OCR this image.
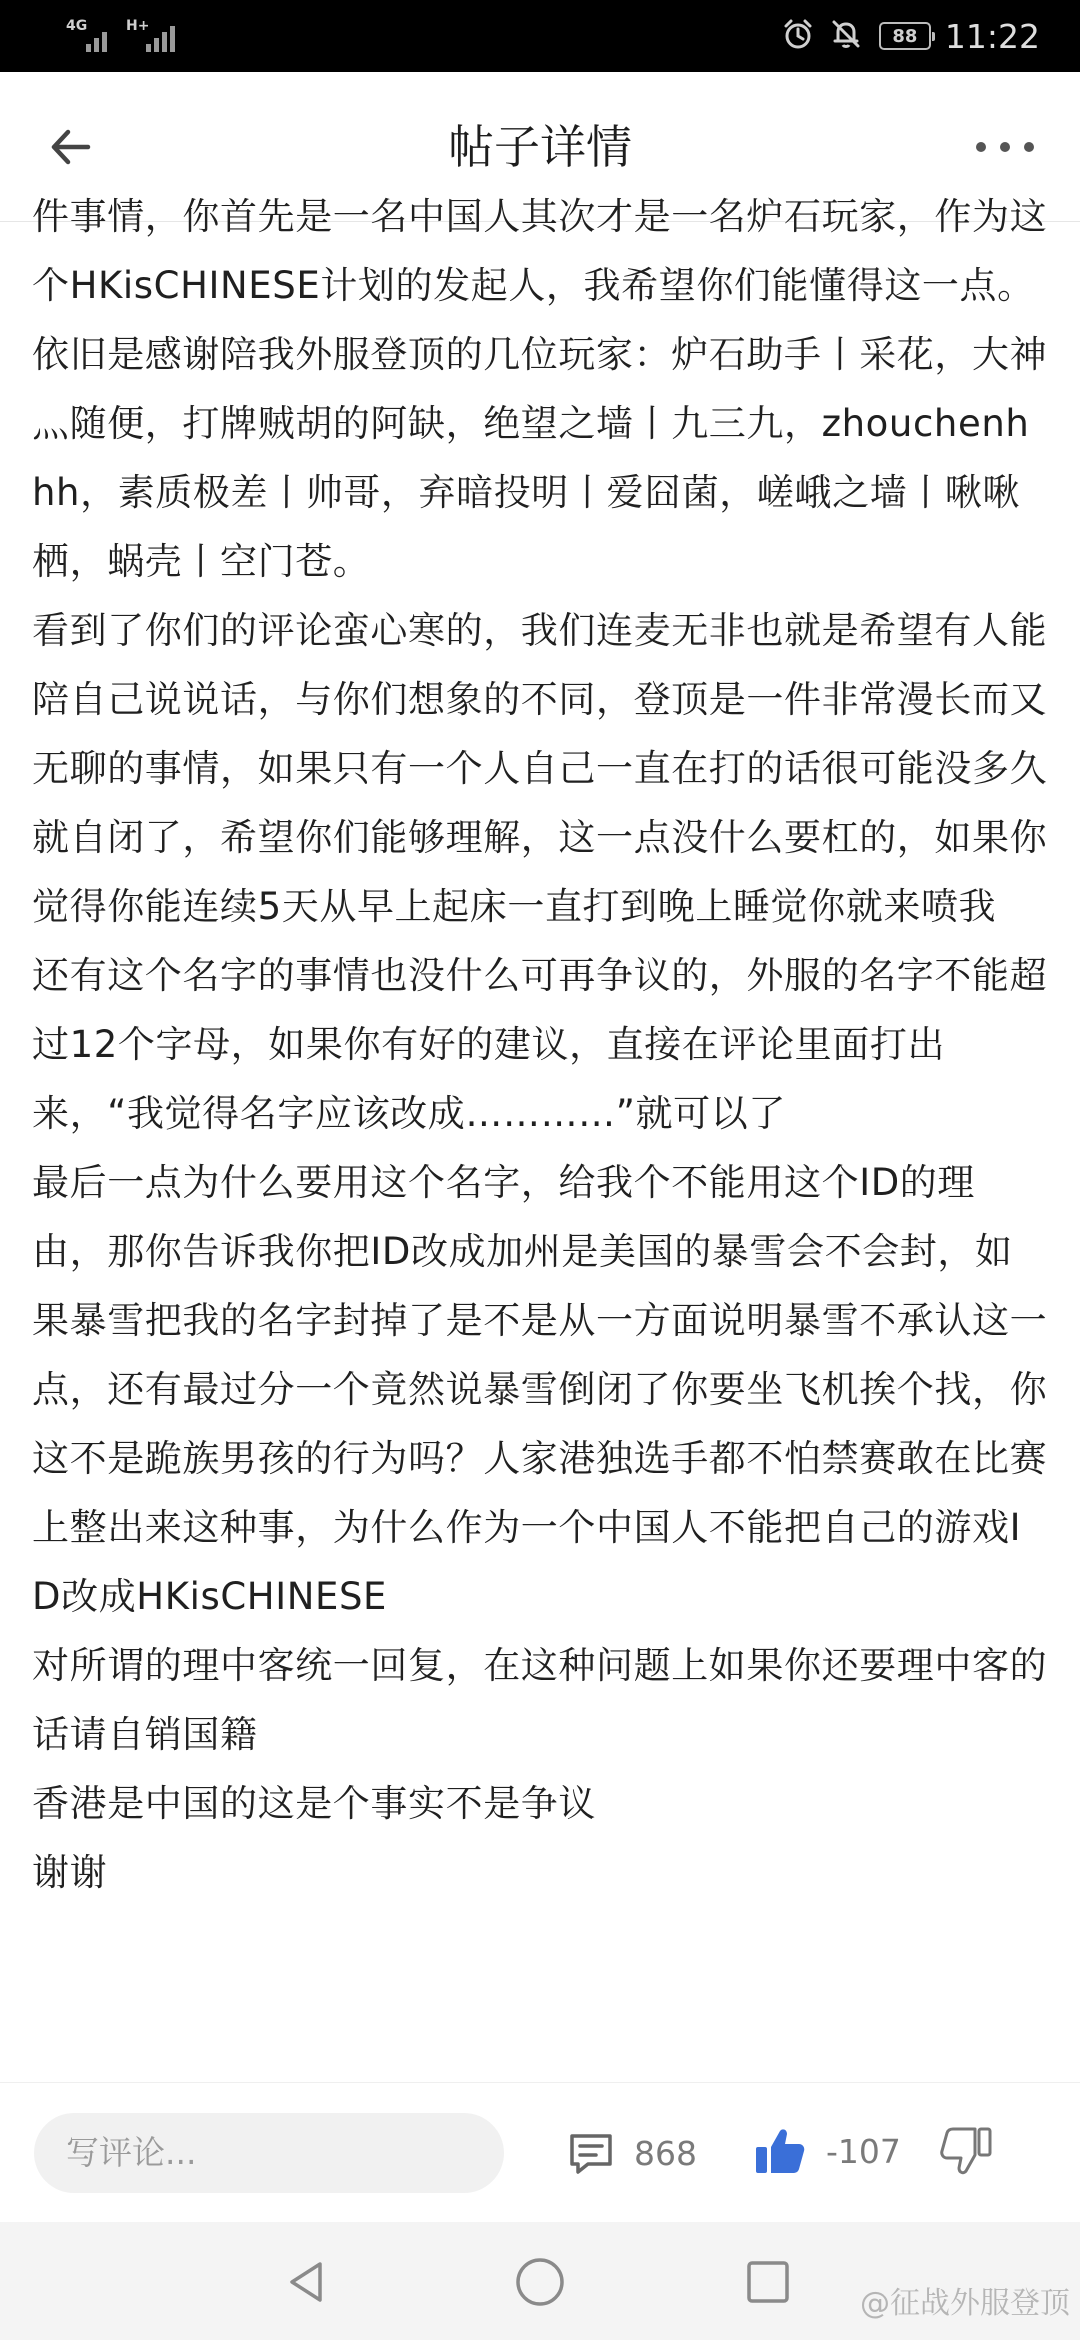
4G	H+	88 11:22
帖子详情

件事情，你首先是一名中国人其次才是一名炉石玩家，作为这个HKisCHINESE计划的发起人，我希望你们能懂得这一点。

依旧是感谢陪我外服登顶的几位玩家：炉石助手丨采花，大神灬随便，打牌贼胡的阿缺，绝望之墙丨九三九，zhouchenhhh，素质极差丨帅哥，弃暗投明丨爱囧菌，嵯峨之墙丨啾啾栖，蜗壳丨空门苍。

看到了你们的评论蛮心寒的，我们连麦无非也就是希望有人能陪自己说说话，与你们想象的不同，登顶是一件非常漫长而又无聊的事情，如果只有一个人自己一直在打的话很可能没多久就自闭了，希望你们能够理解，这一点没什么要杠的，如果你觉得你能连续5天从早上起床一直打到晚上睡觉你就来喷我

还有这个名字的事情也没什么可再争议的，外服的名字不能超过12个字母，如果你有好的建议，直接在评论里面打出来，“我觉得名字应该改成…………”就可以了

最后一点为什么要用这个名字，给我个不能用这个ID的理由，那你告诉我你把ID改成加州是美国的暴雪会不会封，如果暴雪把我的名字封掉了是不是从一方面说明暴雪不承认这一点，还有最过分一个竟然说暴雪倒闭了你要坐飞机挨个找，你这不是跪族男孩的行为吗？人家港独选手都不怕禁赛敢在比赛上整出来这种事，为什么作为一个中国人不能把自己的游戏ID改成HKisCHINESE

对所谓的理中客统一回复，在这种问题上如果你还要理中客的话请自销国籍

香港是中国的这是个事实不是争议

谢谢

写评论...	868	-107
@征战外服登顶
